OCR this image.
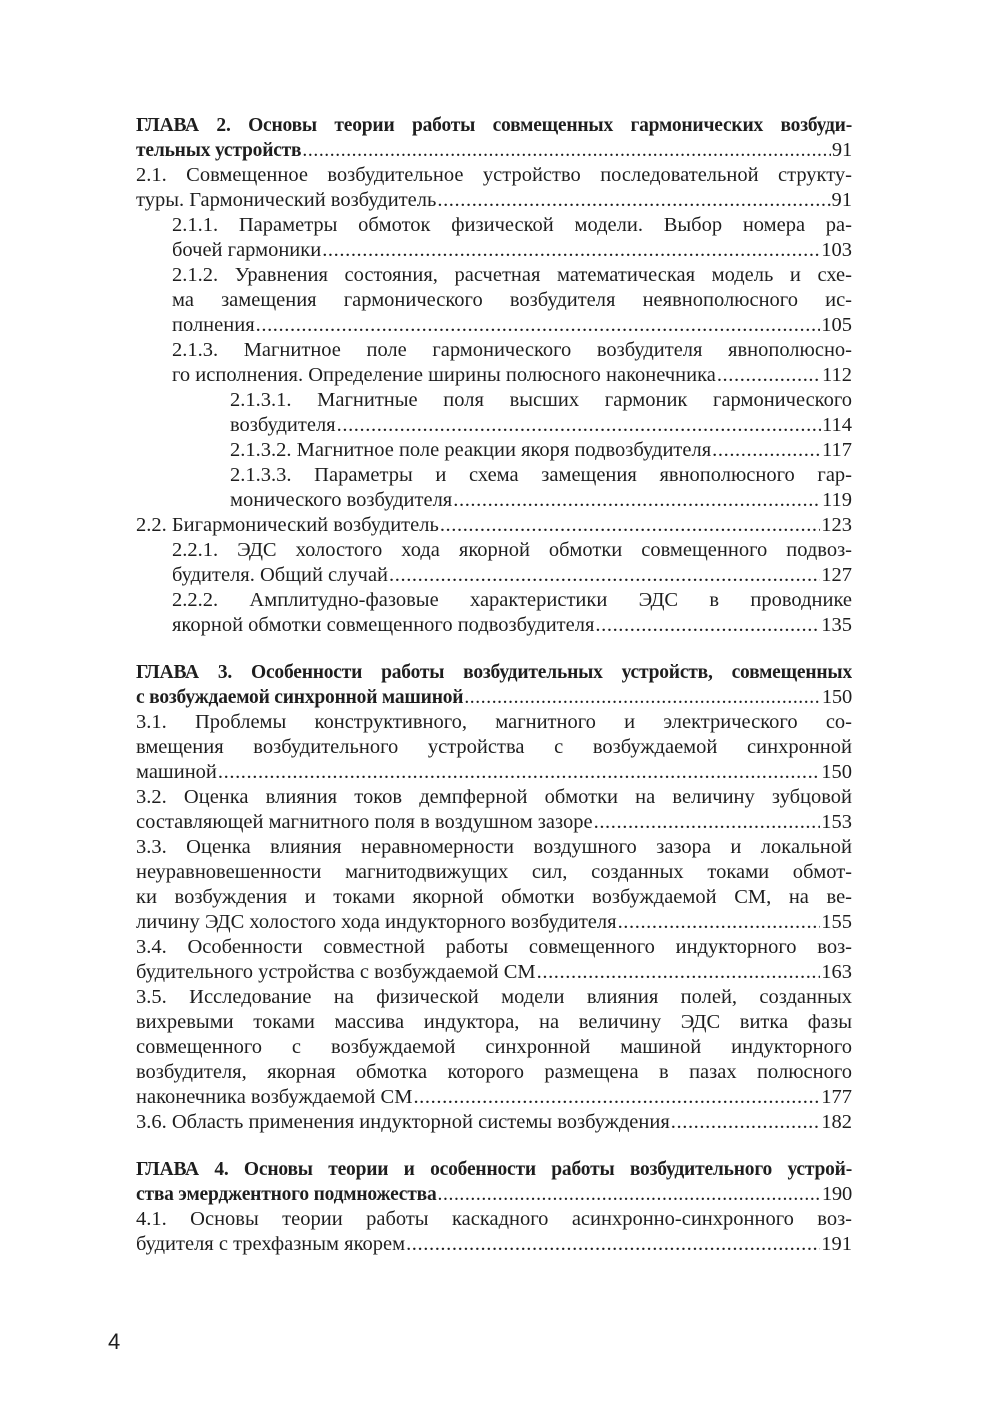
ГЛАВА 2. Основы теории работы совмещенных гармонических возбуди-
тельных устройств .....	91
2.1. Совмещенное возбудительное устройство последовательной структу-
туры. Гармонический возбудитель .....	91
2.1.1. Параметры обмоток физической модели. Выбор номера ра-
бочей гармоники .....	103
2.1.2. Уравнения состояния, расчетная математическая модель и схе-
ма замещения гармонического возбудителя неявнополюсного ис-
полнения .....	105
2.1.3. Магнитное поле гармонического возбудителя явнополюсно-
го исполнения. Определение ширины полюсного наконечника .....	112
2.1.3.1. Магнитные поля высших гармоник гармонического
возбудителя .....	114
2.1.3.2. Магнитное поле реакции якоря подвозбудителя .....	117
2.1.3.3. Параметры и схема замещения явнополюсного гар-
монического возбудителя .....	119
2.2. Бигармонический возбудитель .....	123
2.2.1. ЭДС холостого хода якорной обмотки совмещенного подвоз-
будителя. Общий случай .....	127
2.2.2. Амплитудно-фазовые характеристики ЭДС в проводнике
якорной обмотки совмещенного подвозбудителя .....	135
ГЛАВА 3. Особенности работы возбудительных устройств, совмещенных
с возбуждаемой синхронной машиной .....	150
3.1. Проблемы конструктивного, магнитного и электрического со-
вмещения возбудительного устройства с возбуждаемой синхронной
машиной .....	150
3.2. Оценка влияния токов демпферной обмотки на величину зубцовой
составляющей магнитного поля в воздушном зазоре .....	153
3.3. Оценка влияния неравномерности воздушного зазора и локальной
неуравновешенности магнитодвижущих сил, созданных токами обмот-
ки возбуждения и токами якорной обмотки возбуждаемой СМ, на ве-
личину ЭДС холостого хода индукторного возбудителя .....	155
3.4. Особенности совместной работы совмещенного индукторного воз-
будительного устройства с возбуждаемой СМ .....	163
3.5. Исследование на физической модели влияния полей, созданных
вихревыми токами массива индуктора, на величину ЭДС витка фазы
совмещенного с возбуждаемой синхронной машиной индукторного
возбудителя, якорная обмотка которого размещена в пазах полюсного
наконечника возбуждаемой СМ .....	177
3.6. Область применения индукторной системы возбуждения .....	182
ГЛАВА 4. Основы теории и особенности работы возбудительного устрой-
ства эмерджентного подмножества .....	190
4.1. Основы теории работы каскадного асинхронно-синхронного воз-
будителя с трехфазным якорем .....	191
4
